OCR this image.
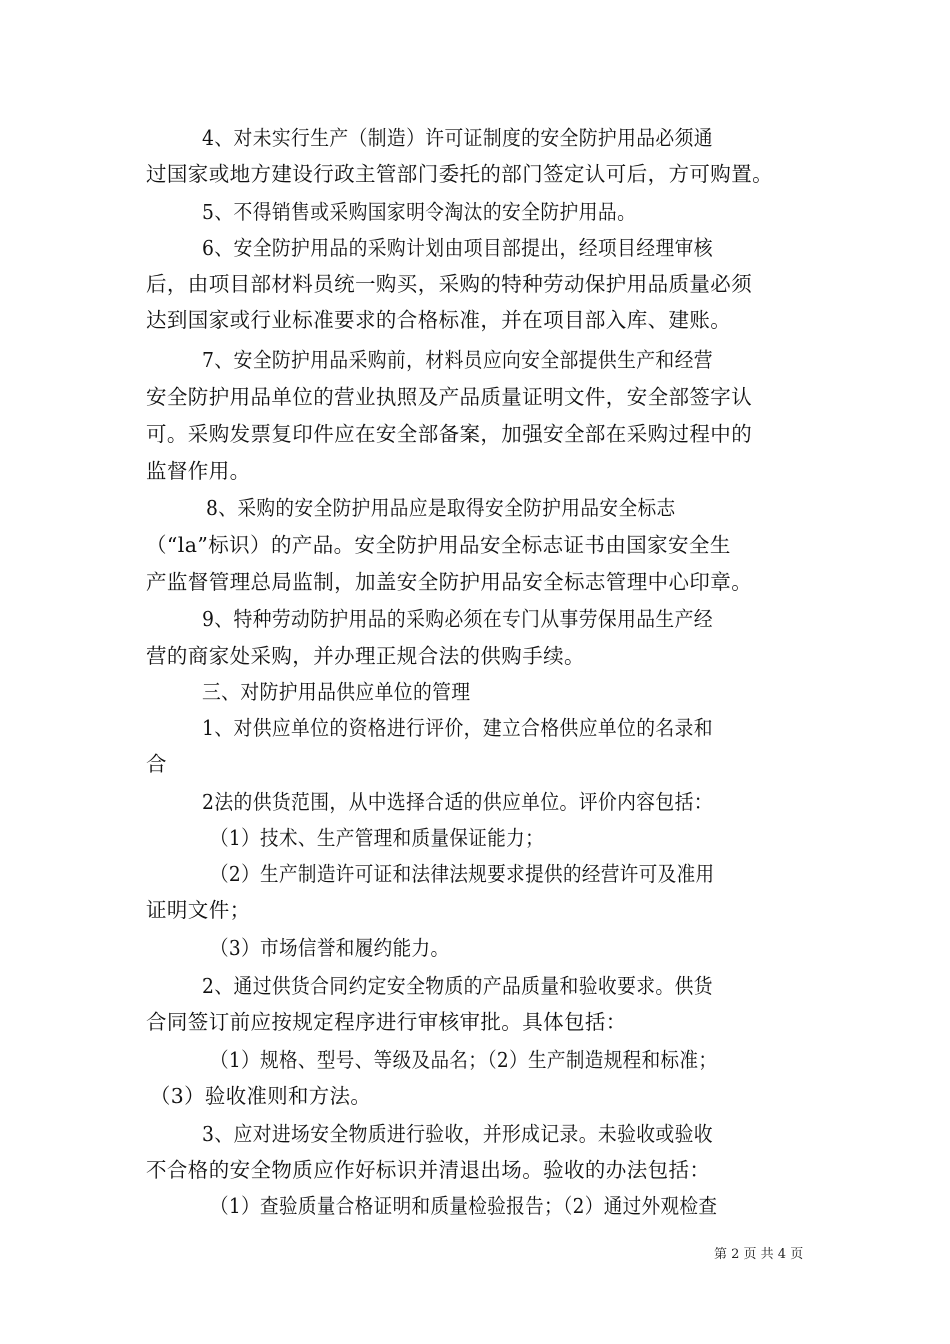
4、对未实行生产（制造）许可证制度的安全防护用品必须通
过国家或地方建设行政主管部门委托的部门签定认可后，方可购置。
5、不得销售或采购国家明令淘汰的安全防护用品。
6、安全防护用品的采购计划由项目部提出，经项目经理审核
后，由项目部材料员统一购买，采购的特种劳动保护用品质量必须
达到国家或行业标准要求的合格标准，并在项目部入库、建账。
7、安全防护用品采购前，材料员应向安全部提供生产和经营
安全防护用品单位的营业执照及产品质量证明文件，安全部签字认
可。采购发票复印件应在安全部备案，加强安全部在采购过程中的
监督作用。
8、采购的安全防护用品应是取得安全防护用品安全标志
（“la”标识）的产品。安全防护用品安全标志证书由国家安全生
产监督管理总局监制，加盖安全防护用品安全标志管理中心印章。
9、特种劳动防护用品的采购必须在专门从事劳保用品生产经
营的商家处采购，并办理正规合法的供购手续。
三、对防护用品供应单位的管理
1、对供应单位的资格进行评价，建立合格供应单位的名录和
合
2法的供货范围，从中选择合适的供应单位。评价内容包括：
（1）技术、生产管理和质量保证能力；
（2）生产制造许可证和法律法规要求提供的经营许可及准用
证明文件；
（3）市场信誉和履约能力。
2、通过供货合同约定安全物质的产品质量和验收要求。供货
合同签订前应按规定程序进行审核审批。具体包括：
（1）规格、型号、等级及品名；（2）生产制造规程和标准；
（3）验收准则和方法。
3、应对进场安全物质进行验收，并形成记录。未验收或验收
不合格的安全物质应作好标识并清退出场。验收的办法包括：
（1）查验质量合格证明和质量检验报告；（2）通过外观检查
第 2 页 共 4 页
